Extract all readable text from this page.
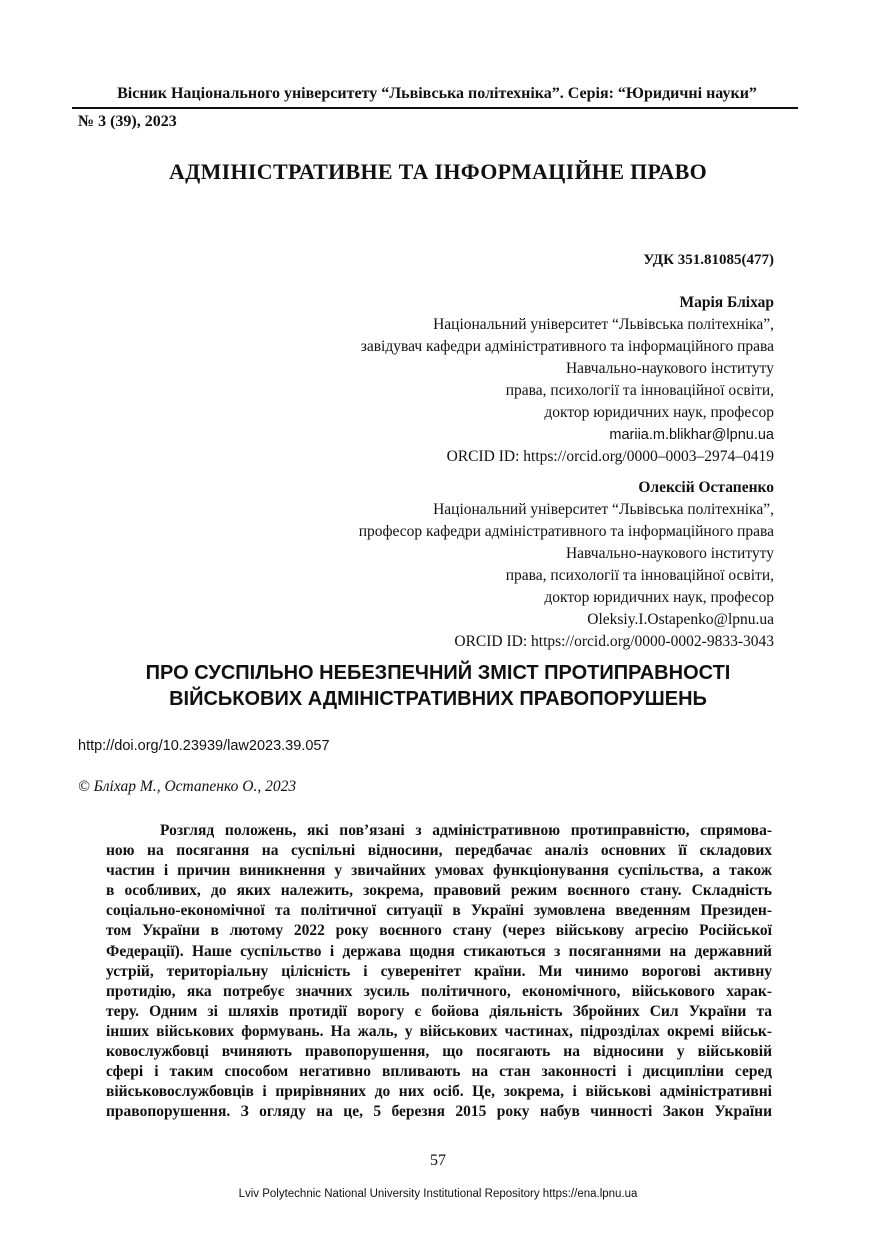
Вісник Національного університету “Львівська політехніка”. Серія: “Юридичні науки”
№ 3 (39), 2023
АДМІНІСТРАТИВНЕ ТА ІНФОРМАЦІЙНЕ ПРАВО
УДК 351.81085(477)
Марія Бліхар
Національний університет “Львівська політехніка”,
завідувач кафедри адміністративного та інформаційного права
Навчально-наукового інституту
права, психології та інноваційної освіти,
доктор юридичних наук, професор
mariia.m.blikhar@lpnu.ua
ORCID ID: https://orcid.org/0000–0003–2974–0419
Олексій Остапенко
Національний університет “Львівська політехніка”,
професор кафедри адміністративного та інформаційного права
Навчально-наукового інституту
права, психології та інноваційної освіти,
доктор юридичних наук, професор
Oleksiy.I.Ostapenko@lpnu.ua
ORCID ID: https://orcid.org/0000-0002-9833-3043
ПРО СУСПІЛЬНО НЕБЕЗПЕЧНИЙ ЗМІСТ ПРОТИПРАВНОСТІ
ВІЙСЬКОВИХ АДМІНІСТРАТИВНИХ ПРАВОПОРУШЕНЬ
http://doi.org/10.23939/law2023.39.057
© Бліхар М., Остапенко О., 2023
Розгляд положень, які пов’язані з адміністративною протиправністю, спрямова-
ною на посягання на суспільні відносини, передбачає аналіз основних її складових
частин і причин виникнення у звичайних умовах функціонування суспільства, а також
в особливих, до яких належить, зокрема, правовий режим воєнного стану. Складність
соціально-економічної та політичної ситуації в Україні зумовлена введенням Президен-
том України в лютому 2022 року воєнного стану (через військову агресію Російської
Федерації). Наше суспільство і держава щодня стикаються з посяганнями на державний
устрій, територіальну цілісність і суверенітет країни. Ми чинимо ворогові активну
протидію, яка потребує значних зусиль політичного, економічного, військового харак-
теру. Одним зі шляхів протидії ворогу є бойова діяльність Збройних Сил України та
інших військових формувань. На жаль, у військових частинах, підрозділах окремі військ-
ковослужбовці вчиняють правопорушення, що посягають на відносини у військовій
сфері і таким способом негативно впливають на стан законності і дисципліни серед
військовослужбовців і прирівняних до них осіб. Це, зокрема, і військові адміністративні
правопорушення. З огляду на це, 5 березня 2015 року набув чинності Закон України
57
Lviv Polytechnic National University Institutional Repository https://ena.lpnu.ua
